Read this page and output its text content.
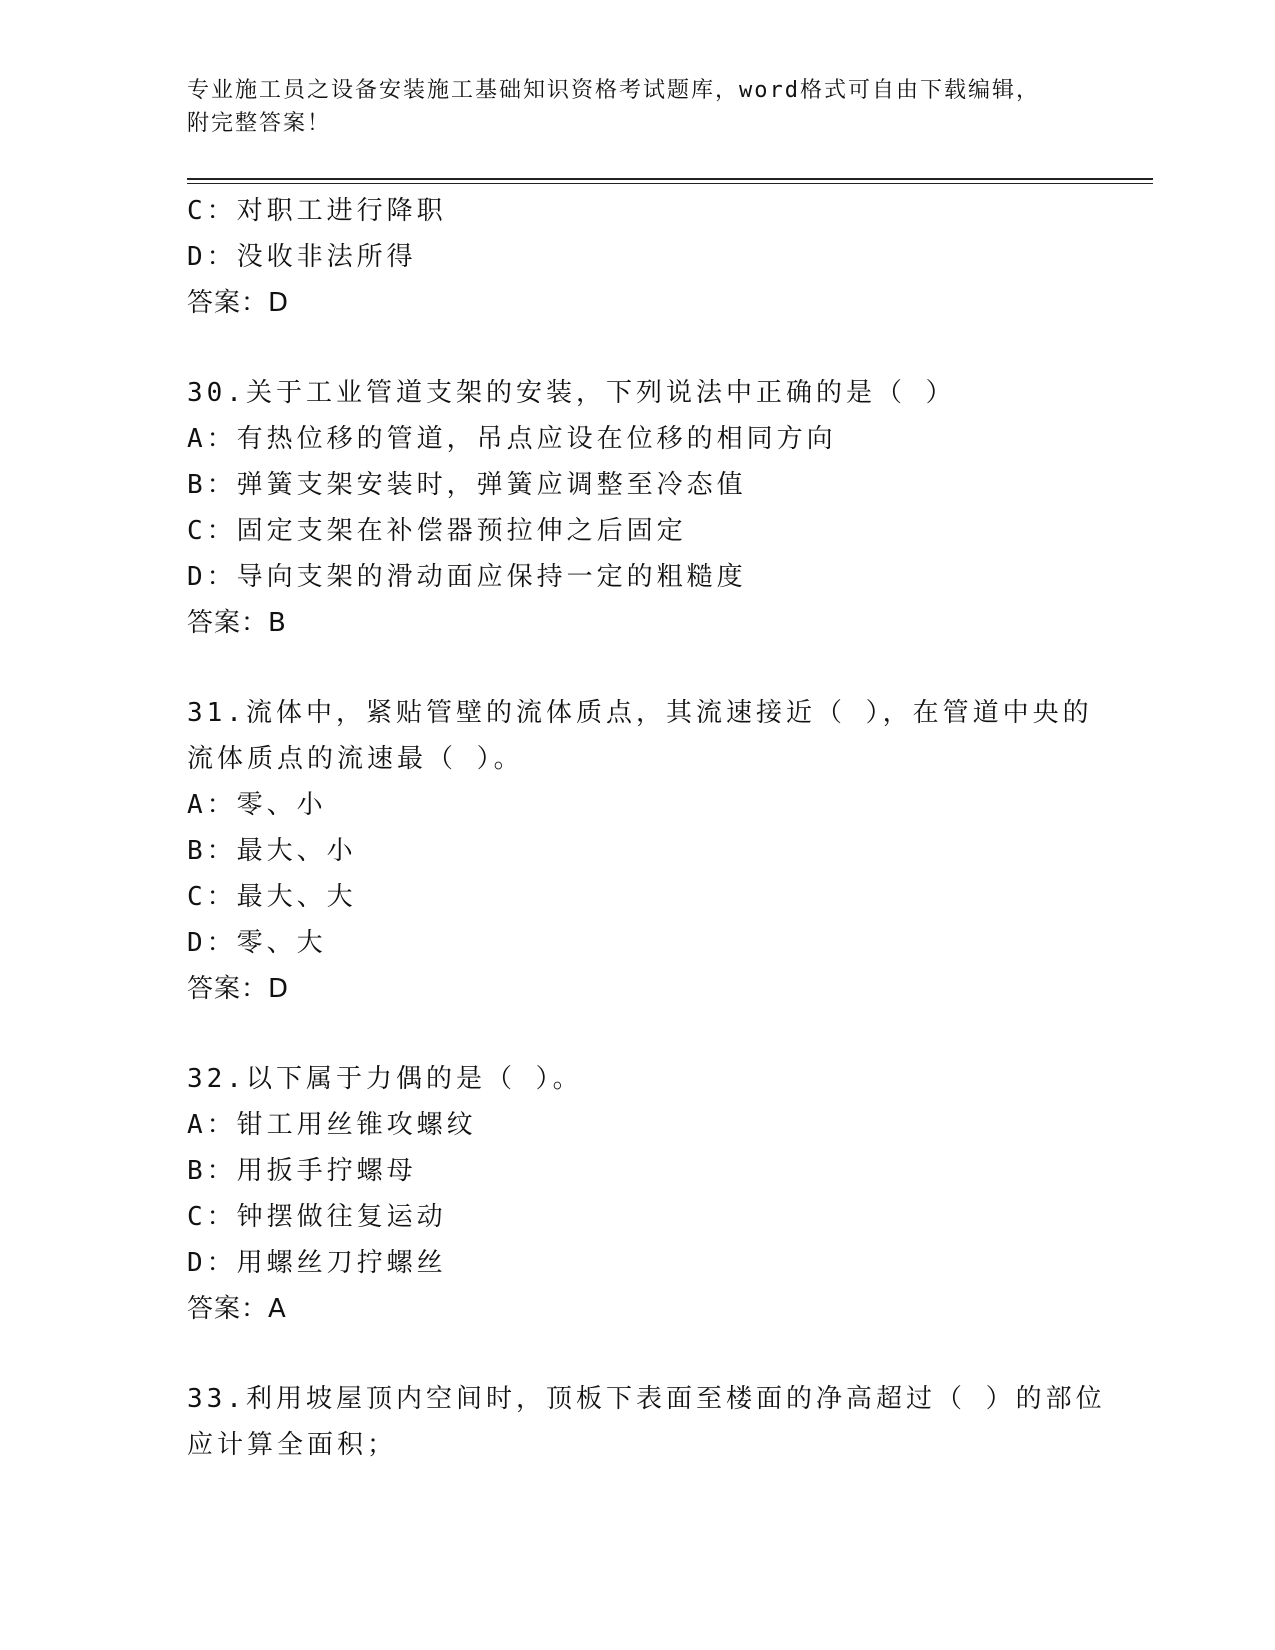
专业施工员之设备安装施工基础知识资格考试题库，word格式可自由下载编辑，
附完整答案！
C：对职工进行降职
D：没收非法所得
答案：D
30.关于工业管道支架的安装，下列说法中正确的是（ ）
A：有热位移的管道，吊点应设在位移的相同方向
B：弹簧支架安装时，弹簧应调整至冷态值
C：固定支架在补偿器预拉伸之后固定
D：导向支架的滑动面应保持一定的粗糙度
答案：B
31.流体中，紧贴管壁的流体质点，其流速接近（ ），在管道中央的
流体质点的流速最（ ）。
A：零、小
B：最大、小
C：最大、大
D：零、大
答案：D
32.以下属于力偶的是（ ）。
A：钳工用丝锥攻螺纹
B：用扳手拧螺母
C：钟摆做往复运动
D：用螺丝刀拧螺丝
答案：A
33.利用坡屋顶内空间时，顶板下表面至楼面的净高超过（ ）的部位
应计算全面积；
